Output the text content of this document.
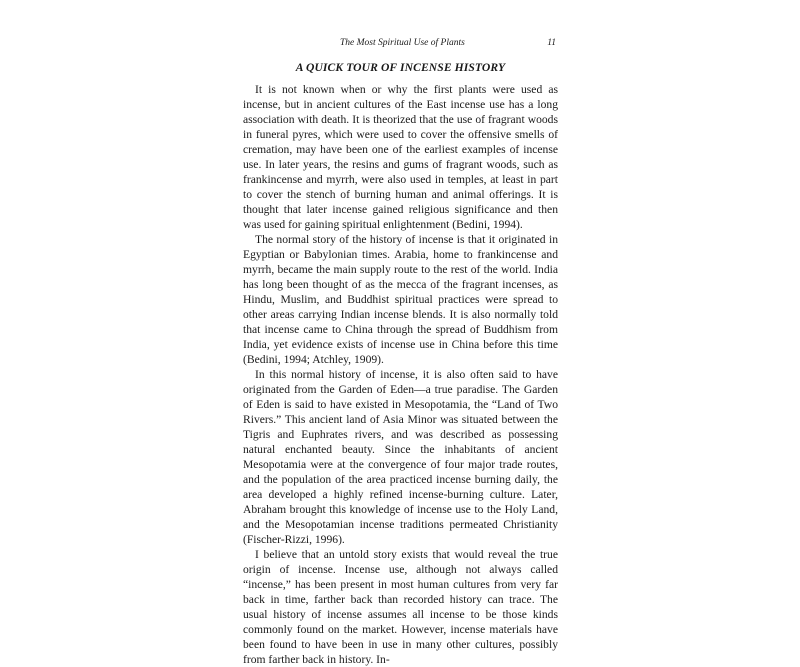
The Most Spiritual Use of Plants	11
A QUICK TOUR OF INCENSE HISTORY

It is not known when or why the first plants were used as incense, but in ancient cultures of the East incense use has a long association with death. It is theorized that the use of fragrant woods in funeral pyres, which were used to cover the offensive smells of cremation, may have been one of the earliest examples of incense use. In later years, the resins and gums of fragrant woods, such as frankincense and myrrh, were also used in temples, at least in part to cover the stench of burning human and animal offerings. It is thought that later incense gained religious significance and then was used for gaining spiritual enlightenment (Bedini, 1994).

The normal story of the history of incense is that it originated in Egyptian or Babylonian times. Arabia, home to frankincense and myrrh, became the main supply route to the rest of the world. India has long been thought of as the mecca of the fragrant incenses, as Hindu, Muslim, and Buddhist spiritual practices were spread to other areas carrying Indian incense blends. It is also normally told that incense came to China through the spread of Buddhism from India, yet evidence exists of incense use in China before this time (Bedini, 1994; Atchley, 1909).

In this normal history of incense, it is also often said to have originated from the Garden of Eden—a true paradise. The Garden of Eden is said to have existed in Mesopotamia, the “Land of Two Rivers.” This ancient land of Asia Minor was situated between the Tigris and Euphrates rivers, and was described as possessing natural enchanted beauty. Since the inhabitants of ancient Mesopotamia were at the convergence of four major trade routes, and the population of the area practiced incense burning daily, the area developed a highly refined incense-burning culture. Later, Abraham brought this knowledge of incense use to the Holy Land, and the Mesopotamian incense traditions permeated Christianity (Fischer-Rizzi, 1996).

I believe that an untold story exists that would reveal the true origin of incense. Incense use, although not always called “incense,” has been present in most human cultures from very far back in time, farther back than recorded history can trace. The usual history of incense assumes all incense to be those kinds commonly found on the market. However, incense materials have been found to have been in use in many other cultures, possibly from farther back in history. In-
